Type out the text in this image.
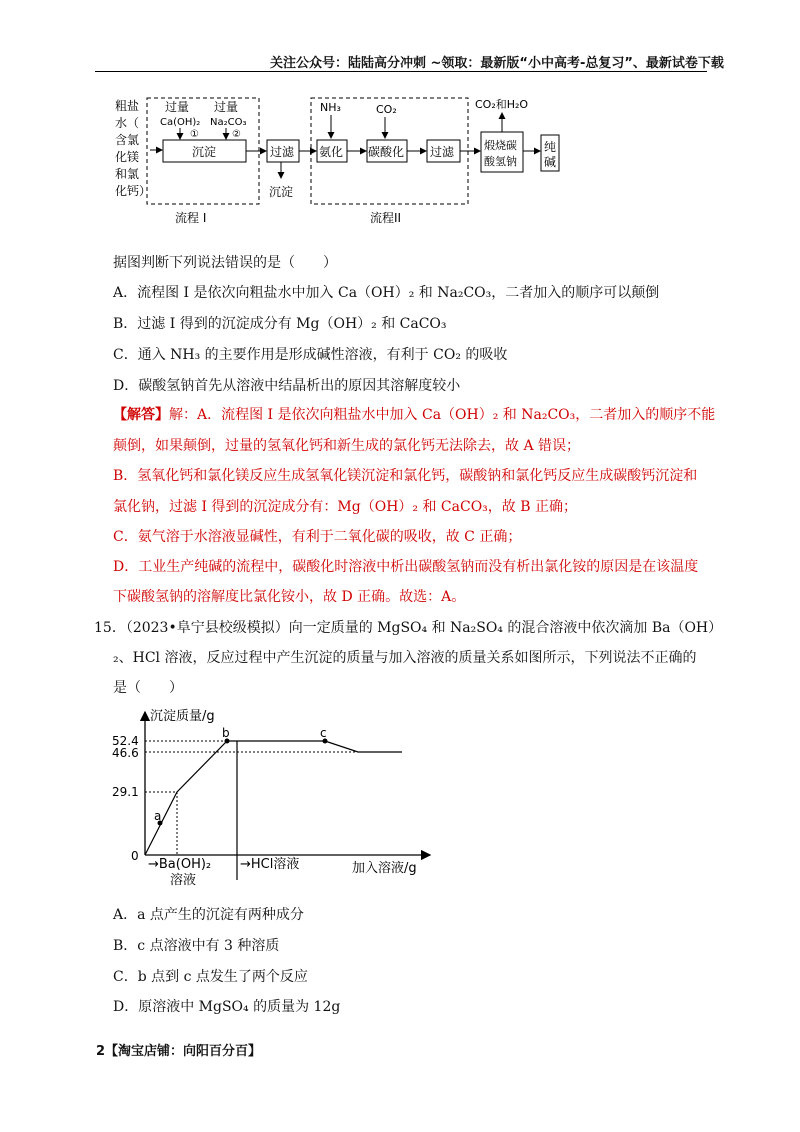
关注公众号：陆陆高分冲刺 ~领取：最新版“小中高考-总复习”、最新试卷下载
粗盐
水（
含氯
化镁
和氯
化钙）
过量
Ca(OH)₂
①
过量
Na₂CO₃
②
沉淀	过滤
沉淀
NH₃	CO₂
氨化 碳酸化 过滤	煅烧碳
酸氢钠
CO₂和H₂O
纯
碱
流程 I	流程II
据图判断下列说法错误的是（　　）
A．流程图 I 是依次向粗盐水中加入 Ca（OH）₂ 和 Na₂CO₃，二者加入的顺序可以颠倒
B．过滤 I 得到的沉淀成分有 Mg（OH）₂ 和 CaCO₃
C．通入 NH₃ 的主要作用是形成碱性溶液，有利于 CO₂ 的吸收
D．碳酸氢钠首先从溶液中结晶析出的原因其溶解度较小
【解答】解：A．流程图 I 是依次向粗盐水中加入 Ca（OH）₂ 和 Na₂CO₃，二者加入的顺序不能
颠倒，如果颠倒，过量的氢氧化钙和新生成的氯化钙无法除去，故 A 错误；
B．氢氧化钙和氯化镁反应生成氢氧化镁沉淀和氯化钙，碳酸钠和氯化钙反应生成碳酸钙沉淀和
氯化钠，过滤 I 得到的沉淀成分有：Mg（OH）₂ 和 CaCO₃，故 B 正确；
C．氨气溶于水溶液显碱性，有利于二氧化碳的吸收，故 C 正确；
D．工业生产纯碱的流程中，碳酸化时溶液中析出碳酸氢钠而没有析出氯化铵的原因是在该温度
下碳酸氢钠的溶解度比氯化铵小，故 D 正确。故选：A。
15．（2023•阜宁县校级模拟）向一定质量的 MgSO₄ 和 Na₂SO₄ 的混合溶液中依次滴加 Ba（OH）
₂、HCl 溶液，反应过程中产生沉淀的质量与加入溶液的质量关系如图所示，下列说法不正确的
是（　　）
沉淀质量/g
加入溶液/g
0
52.4
46.6
29.1
a
b	c
→Ba(OH)₂
溶液
→HCl溶液
A．a 点产生的沉淀有两种成分
B．c 点溶液中有 3 种溶质
C．b 点到 c 点发生了两个反应
D．原溶液中 MgSO₄ 的质量为 12g
2【淘宝店铺：向阳百分百】
